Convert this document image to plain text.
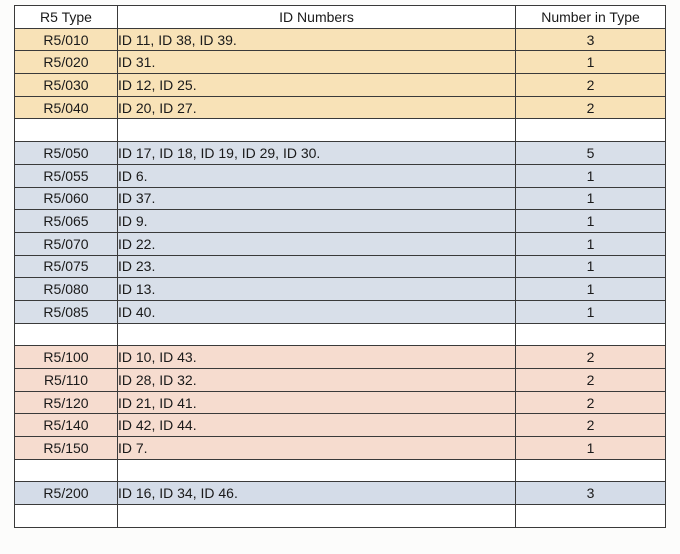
R5 Type	ID Numbers	Number in Type
R5/010	ID 11, ID 38, ID 39.	3
R5/020	ID 31.	1
R5/030	ID 12, ID 25.	2
R5/040	ID 20, ID 27.	2

R5/050	ID 17, ID 18, ID 19, ID 29, ID 30.	5
R5/055	ID 6.	1
R5/060	ID 37.	1
R5/065	ID 9.	1
R5/070	ID 22.	1
R5/075	ID 23.	1
R5/080	ID 13.	1
R5/085	ID 40.	1

R5/100	ID 10, ID 43.	2
R5/110	ID 28, ID 32.	2
R5/120	ID 21, ID 41.	2
R5/140	ID 42, ID 44.	2
R5/150	ID 7.	1

R5/200	ID 16, ID 34, ID 46.	3
